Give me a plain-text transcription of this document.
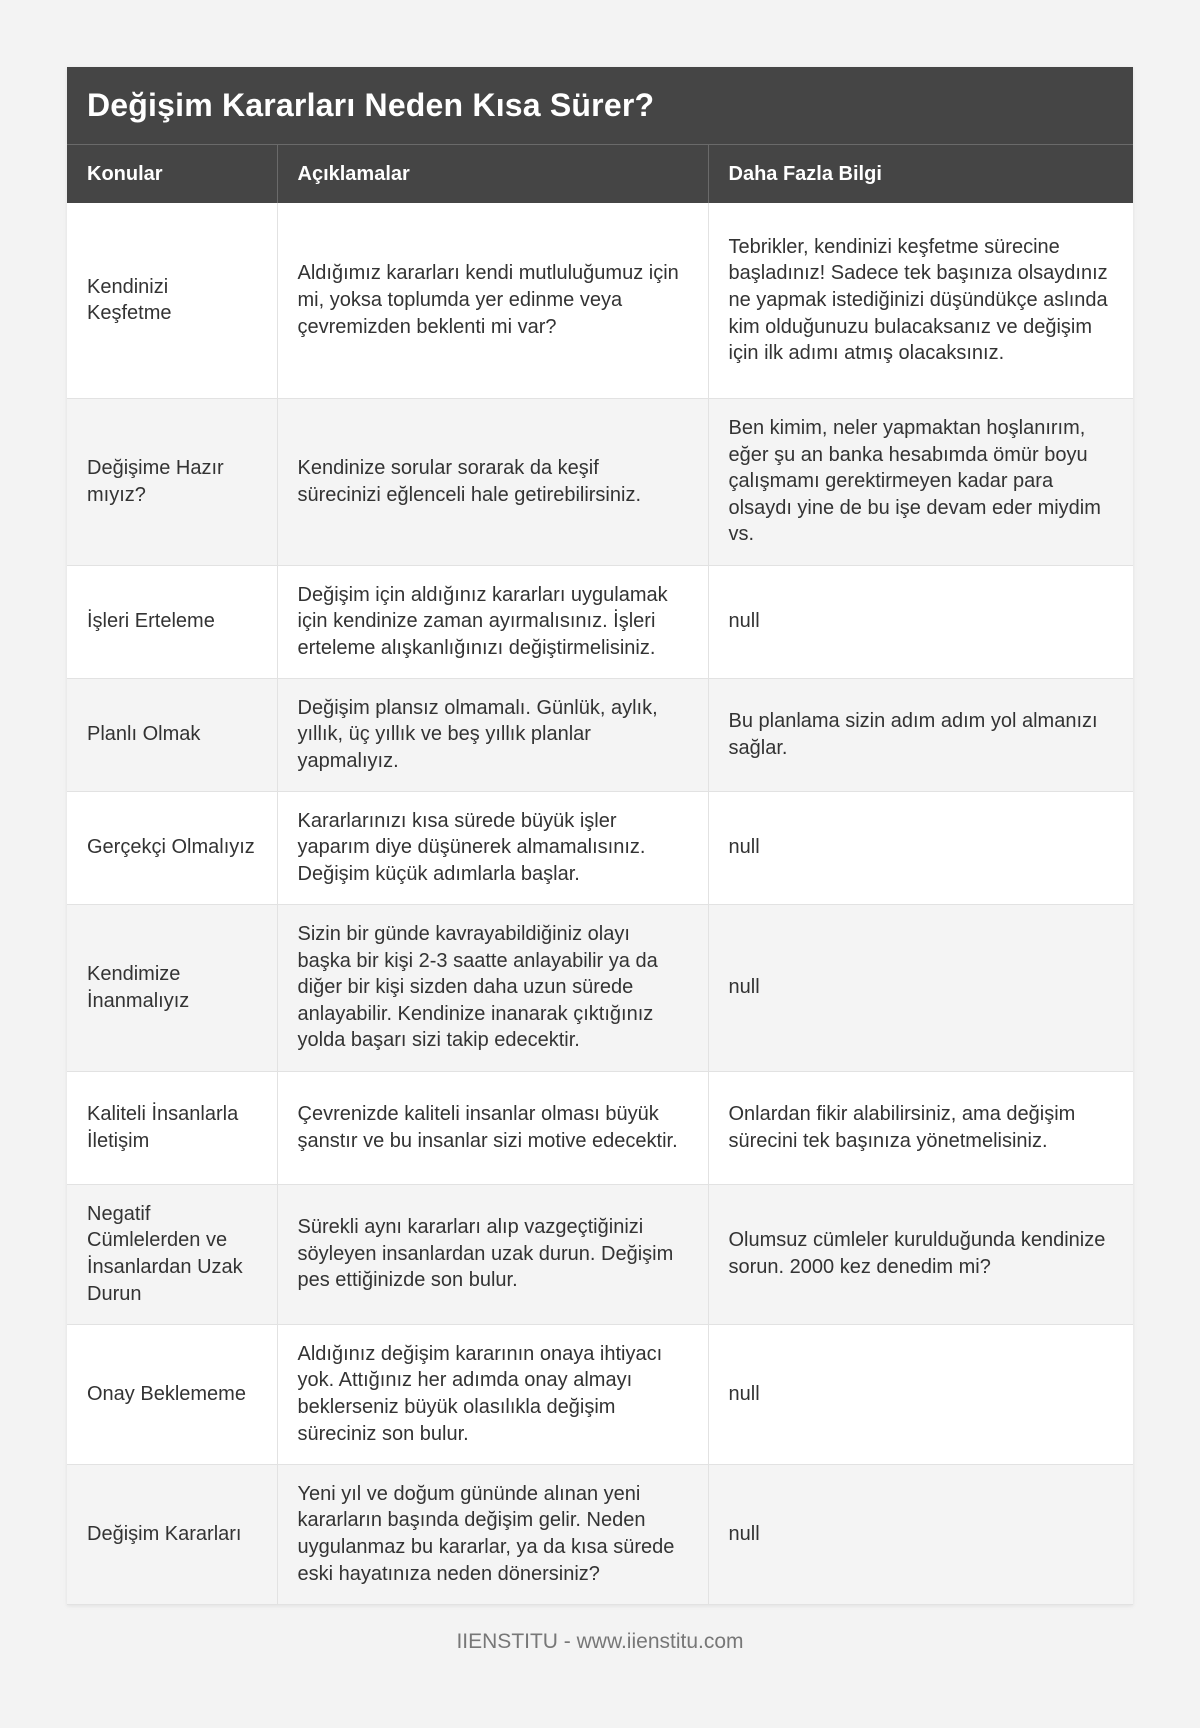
Değişim Kararları Neden Kısa Sürer?
Konular	Açıklamalar	Daha Fazla Bilgi
Kendinizi Keşfetme	Aldığımız kararları kendi mutluluğumuz için mi, yoksa toplumda yer edinme veya çevremizden beklenti mi var?	Tebrikler, kendinizi keşfetme sürecine başladınız! Sadece tek başınıza olsaydınız ne yapmak istediğinizi düşündükçe aslında kim olduğunuzu bulacaksanız ve değişim için ilk adımı atmış olacaksınız.
Değişime Hazır mıyız?	Kendinize sorular sorarak da keşif sürecinizi eğlenceli hale getirebilirsiniz.	Ben kimim, neler yapmaktan hoşlanırım, eğer şu an banka hesabımda ömür boyu çalışmamı gerektirmeyen kadar para olsaydı yine de bu işe devam eder miydim vs.
İşleri Erteleme	Değişim için aldığınız kararları uygulamak için kendinize zaman ayırmalısınız. İşleri erteleme alışkanlığınızı değiştirmelisiniz.	null
Planlı Olmak	Değişim plansız olmamalı. Günlük, aylık, yıllık, üç yıllık ve beş yıllık planlar yapmalıyız.	Bu planlama sizin adım adım yol almanızı sağlar.
Gerçekçi Olmalıyız	Kararlarınızı kısa sürede büyük işler yaparım diye düşünerek almamalısınız. Değişim küçük adımlarla başlar.	null
Kendimize İnanmalıyız	Sizin bir günde kavrayabildiğiniz olayı başka bir kişi 2-3 saatte anlayabilir ya da diğer bir kişi sizden daha uzun sürede anlayabilir. Kendinize inanarak çıktığınız yolda başarı sizi takip edecektir.	null
Kaliteli İnsanlarla İletişim	Çevrenizde kaliteli insanlar olması büyük şanstır ve bu insanlar sizi motive edecektir.	Onlardan fikir alabilirsiniz, ama değişim sürecini tek başınıza yönetmelisiniz.
Negatif Cümlelerden ve İnsanlardan Uzak Durun	Sürekli aynı kararları alıp vazgeçtiğinizi söyleyen insanlardan uzak durun. Değişim pes ettiğinizde son bulur.	Olumsuz cümleler kurulduğunda kendinize sorun. 2000 kez denedim mi?
Onay Beklememe	Aldığınız değişim kararının onaya ihtiyacı yok. Attığınız her adımda onay almayı beklerseniz büyük olasılıkla değişim süreciniz son bulur.	null
Değişim Kararları	Yeni yıl ve doğum gününde alınan yeni kararların başında değişim gelir. Neden uygulanmaz bu kararlar, ya da kısa sürede eski hayatınıza neden dönersiniz?	null
IIENSTITU - www.iienstitu.com
